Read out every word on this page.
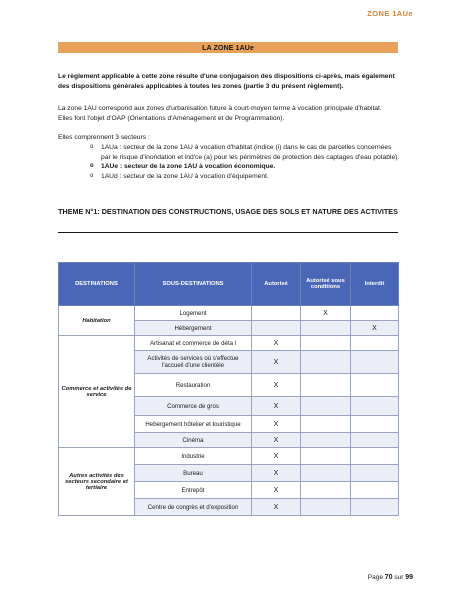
ZONE 1AUe
LA ZONE 1AUe
Le règlement applicable à cette zone résulte d'une conjugaison des dispositions ci-après, mais également des dispositions générales applicables à toutes les zones (partie 3 du présent règlement).
La zone 1AU correspond aux zones d'urbanisation future à court-moyen terme à vocation principale d'habitat. Elles font l'objet d'OAP (Orientations d'Aménagement et de Programmation).
Elles comprennent 3 secteurs :
o 1AUa : secteur de la zone 1AU à vocation d'habitat (indice (i) dans le cas de parcelles concernées par le risque d'inondation et ind'ce (a) pour les périmètres de protection des captages d'eau potable).
o 1AUe : secteur de la zone 1AU à vocation économique.
o 1AUd : secteur de la zone 1AU à vocation d'équipement.
THEME N°1: DESTINATION DES CONSTRUCTIONS, USAGE DES SOLS ET NATURE DES ACTIVITES
DESTINATIONS	SOUS-DESTINATIONS	Autorisé	Autorisé sous conditions	Interdit
Habitation	Logement		X	
	Hébergement			X
Commerce et activités de service	Artisanat et commerce de déta l	X		
	Activités de services où s'effectue l'accueil d'une clientèle	X		
	Restauration	X		
	Commerce de gros	X		
	Hebergement hôtelier et touristique	X		
	Cinéma	X		
Autres activités des secteurs secondaire et tertiaire	Industrie	X		
	Bureau	X		
	Entrepôt	X		
	Centre de congrès et d'exposition	X		
Page 70 sur 99
